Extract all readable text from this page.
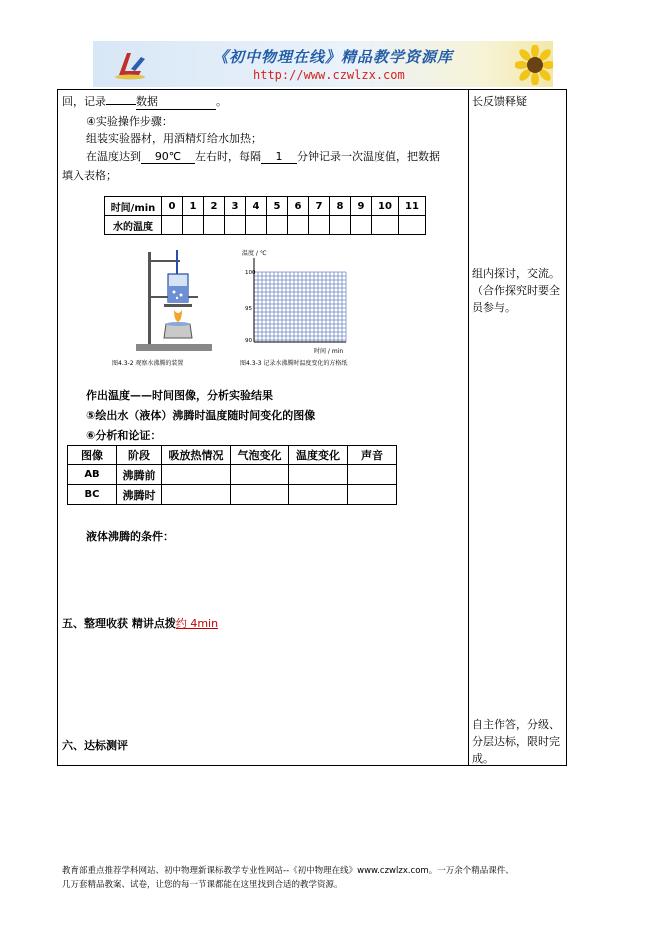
《初中物理在线》精品教学资源库
http://www.czwlzx.com
回，记录	数据	。
④实验操作步骤：
组装实验器材，用酒精灯给水加热；
在温度达到 90℃ 左右时，每隔 1 分钟记录一次温度值，把数据
填入表格；
时间/min	0	1	2	3	4	5	6	7	8	9	10	11
水的温度												
图4.3-2 观察水沸腾的装置
温度 / ℃
100
95
90
时间 / min
图4.3-3 记录水沸腾时温度变化的方格纸
作出温度——时间图像，分析实验结果
⑤绘出水（液体）沸腾时温度随时间变化的图像
⑥分析和论证：
图像	阶段	吸放热情况	气泡变化	温度变化	声音
AB	沸腾前				
BC	沸腾时				
液体沸腾的条件：
五、整理收获 精讲点拨约 4min
六、达标测评
长反馈释疑
组内探讨，交流。（合作探究时要全员参与。
自主作答，分级、分层达标，限时完成。
教育部重点推荐学科网站、初中物理新课标教学专业性网站--《初中物理在线》www.czwlzx.com。一万余个精品课件、
几万套精品教案、试卷，让您的每一节课都能在这里找到合适的教学资源。
